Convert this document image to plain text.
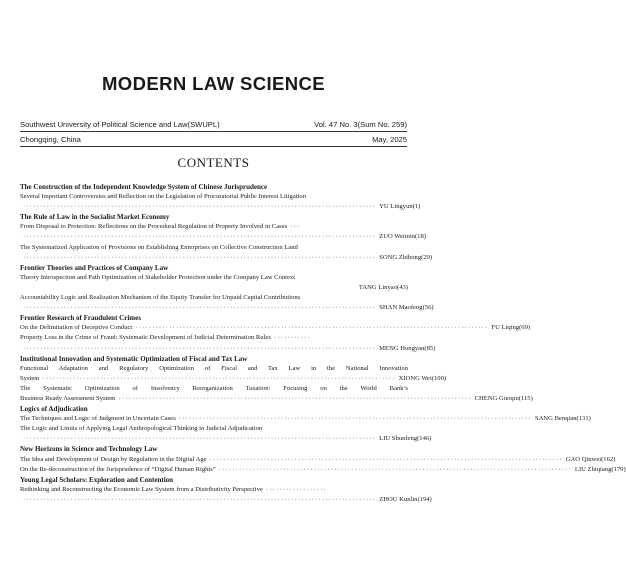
MODERN LAW SCIENCE
Southwest University of Political Science and Law(SWUPL)	Vol. 47 No. 3(Sum No. 259)
Chongqing, China	May, 2025
CONTENTS
The Construction of the Independent Knowledge System of Chinese Jurisprudence
Several Important Controversies and Reflection on the Legislation of Procuratorial Public Interest Litigation
········································································································ YU Lingyun(1)
The Rule of Law in the Socialist Market Economy
From Disposal to Protection: Reflections on the Procedural Regulation of Property Involved in Cases ···
········································································································ ZUO Weimin(18)
The Systematized Application of Provisions on Establishing Enterprises on Collective Construction Land
········································································································ SONG Zhihong(29)
Frontier Theories and Practices of Company Law
Theory Introspection and Path Optimization of Stakeholder Protection under the Company Law Context
TANG Linyao(43)
Accountability Logic and Realization Mechanism of the Equity Transfer for Unpaid Capital Contributions
········································································································ SHAN Maofeng(56)
Frontier Research of Fraudulent Crimes
On the Delimitation of Deceptive Conduct ········································································································ FU Liqing(69)
Property Loss in the Crime of Fraud: Systematic Development of Judicial Determination Rules ···········
········································································································ MENG Hongyan(85)
Institutional Innovation and Systematic Optimization of Fiscal and Tax Law
Functional Adaptation and Regulatory Optimization of Fiscal and Tax Law in the National Innovation
System ········································································································ XIONG Wei(100)
The Systematic Optimization of Insolvency Reorganization Taxation: Focusing on the World Bank’s
Business Ready Assessment System ········································································································ CHENG Guoqin(115)
Logics of Adjudication
The Techniques and Logic of Judgment in Uncertain Cases ········································································································ SANG Benqian(131)
The Logic and Limits of Applying Legal Anthropological Thinking in Judicial Adjudication
········································································································ LIU Shunfeng(146)
New Horizons in Science and Technology Law
The Idea and Development of Design by Regulation in the Digital Age ········································································································ GAO Qinwei(162)
On the Re-deconstruction of the Jurisprudence of “Digital Human Rights” ········································································································ LIU Zhiqiang(179)
Young Legal Scholars: Exploration and Contention
Rethinking and Reconstructing the Economic Law System from a Distributivity Perspective ··················
········································································································ ZHOU Kunlin(194)
